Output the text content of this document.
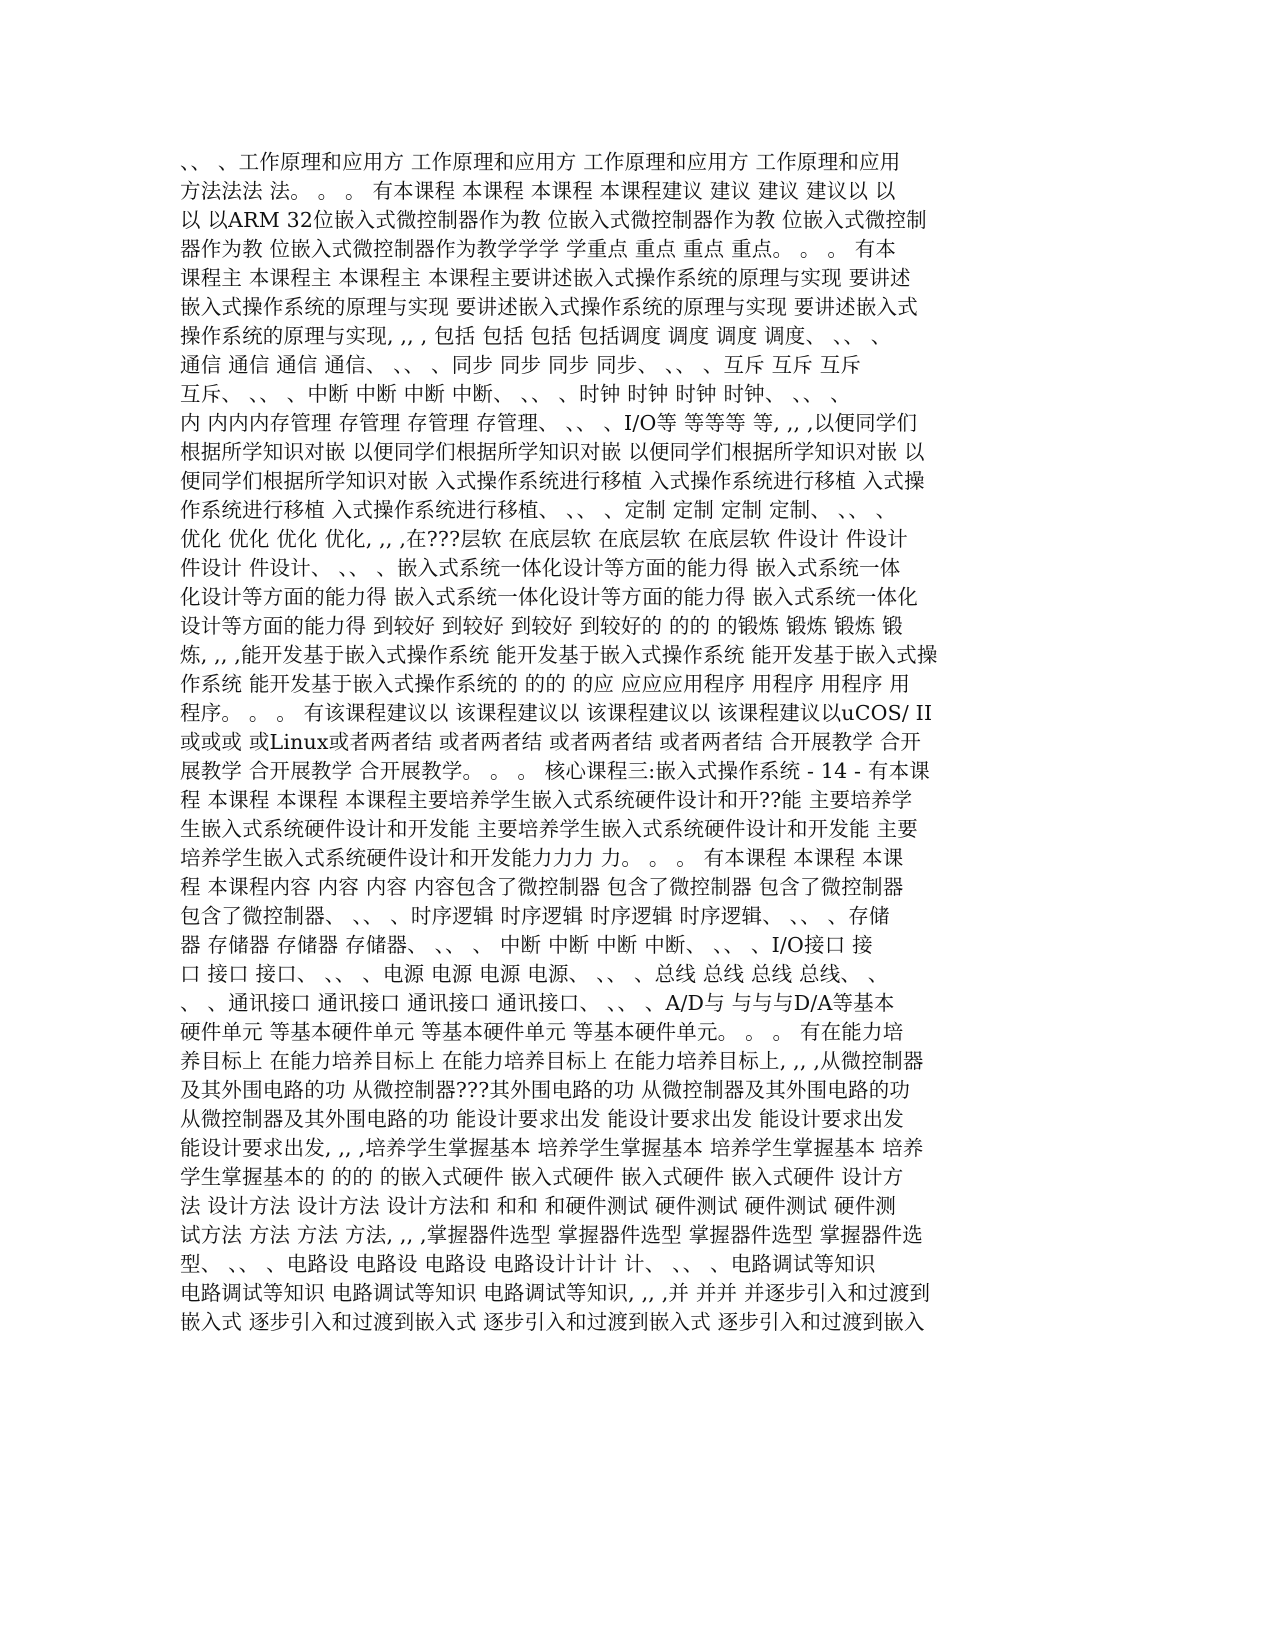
、、 、工作原理和应用方 工作原理和应用方 工作原理和应用方 工作原理和应用
方法法法 法。 。 。 有本课程 本课程 本课程 本课程建议 建议 建议 建议以 以
以 以ARM 32位嵌入式微控制器作为教 位嵌入式微控制器作为教 位嵌入式微控制
器作为教 位嵌入式微控制器作为教学学学 学重点 重点 重点 重点。 。 。 有本
课程主 本课程主 本课程主 本课程主要讲述嵌入式操作系统的原理与实现 要讲述
嵌入式操作系统的原理与实现 要讲述嵌入式操作系统的原理与实现 要讲述嵌入式
操作系统的原理与实现, ,, , 包括 包括 包括 包括调度 调度 调度 调度、 、、 、
通信 通信 通信 通信、 、、 、同步 同步 同步 同步、 、、 、互斥 互斥 互斥
互斥、 、、 、中断 中断 中断 中断、 、、 、时钟 时钟 时钟 时钟、 、、 、
内 内内内存管理 存管理 存管理 存管理、 、、 、I/O等 等等等 等, ,, ,以便同学们
根据所学知识对嵌 以便同学们根据所学知识对嵌 以便同学们根据所学知识对嵌 以
便同学们根据所学知识对嵌 入式操作系统进行移植 入式操作系统进行移植 入式操
作系统进行移植 入式操作系统进行移植、 、、 、定制 定制 定制 定制、 、、 、
优化 优化 优化 优化, ,, ,在???层软 在底层软 在底层软 在底层软 件设计 件设计
件设计 件设计、 、、 、嵌入式系统一体化设计等方面的能力得 嵌入式系统一体
化设计等方面的能力得 嵌入式系统一体化设计等方面的能力得 嵌入式系统一体化
设计等方面的能力得 到较好 到较好 到较好 到较好的 的的 的锻炼 锻炼 锻炼 锻
炼, ,, ,能开发基于嵌入式操作系统 能开发基于嵌入式操作系统 能开发基于嵌入式操
作系统 能开发基于嵌入式操作系统的 的的 的应 应应应用程序 用程序 用程序 用
程序。 。 。 有该课程建议以 该课程建议以 该课程建议以 该课程建议以uCOS/ II
或或或 或Linux或者两者结 或者两者结 或者两者结 或者两者结 合开展教学 合开
展教学 合开展教学 合开展教学。 。 。 核心课程三:嵌入式操作系统 - 14 - 有本课
程 本课程 本课程 本课程主要培养学生嵌入式系统硬件设计和开??能 主要培养学
生嵌入式系统硬件设计和开发能 主要培养学生嵌入式系统硬件设计和开发能 主要
培养学生嵌入式系统硬件设计和开发能力力力 力。 。 。 有本课程 本课程 本课
程 本课程内容 内容 内容 内容包含了微控制器 包含了微控制器 包含了微控制器
包含了微控制器、 、、 、时序逻辑 时序逻辑 时序逻辑 时序逻辑、 、、 、存储
器 存储器 存储器 存储器、 、、 、 中断 中断 中断 中断、 、、 、I/O接口 接
口 接口 接口、 、、 、电源 电源 电源 电源、 、、 、总线 总线 总线 总线、 、
、 、通讯接口 通讯接口 通讯接口 通讯接口、 、、 、A/D与 与与与D/A等基本
硬件单元 等基本硬件单元 等基本硬件单元 等基本硬件单元。 。 。 有在能力培
养目标上 在能力培养目标上 在能力培养目标上 在能力培养目标上, ,, ,从微控制器
及其外围电路的功 从微控制器???其外围电路的功 从微控制器及其外围电路的功
从微控制器及其外围电路的功 能设计要求出发 能设计要求出发 能设计要求出发
能设计要求出发, ,, ,培养学生掌握基本 培养学生掌握基本 培养学生掌握基本 培养
学生掌握基本的 的的 的嵌入式硬件 嵌入式硬件 嵌入式硬件 嵌入式硬件 设计方
法 设计方法 设计方法 设计方法和 和和 和硬件测试 硬件测试 硬件测试 硬件测
试方法 方法 方法 方法, ,, ,掌握器件选型 掌握器件选型 掌握器件选型 掌握器件选
型、 、、 、电路设 电路设 电路设 电路设计计计 计、 、、 、电路调试等知识
电路调试等知识 电路调试等知识 电路调试等知识, ,, ,并 并并 并逐步引入和过渡到
嵌入式 逐步引入和过渡到嵌入式 逐步引入和过渡到嵌入式 逐步引入和过渡到嵌入
